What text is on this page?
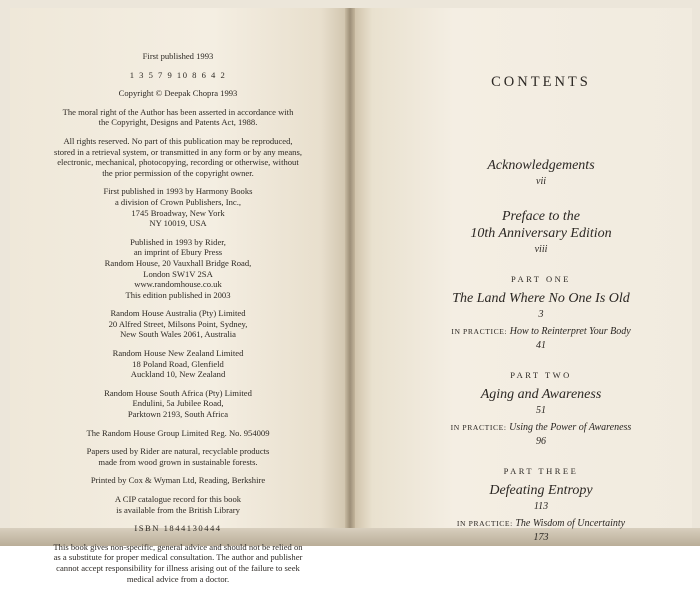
First published 1993

1 3 5 7 9 10 8 6 4 2

Copyright © Deepak Chopra 1993

The moral right of the Author has been asserted in accordance with
the Copyright, Designs and Patents Act, 1988.

All rights reserved. No part of this publication may be reproduced,
stored in a retrieval system, or transmitted in any form or by any means,
electronic, mechanical, photocopying, recording or otherwise, without
the prior permission of the copyright owner.

First published in 1993 by Harmony Books
a division of Crown Publishers, Inc.,
1745 Broadway, New York
NY 10019, USA

Published in 1993 by Rider,
an imprint of Ebury Press
Random House, 20 Vauxhall Bridge Road,
London SW1V 2SA
www.randomhouse.co.uk
This edition published in 2003

Random House Australia (Pty) Limited
20 Alfred Street, Milsons Point, Sydney,
New South Wales 2061, Australia

Random House New Zealand Limited
18 Poland Road, Glenfield
Auckland 10, New Zealand

Random House South Africa (Pty) Limited
Endulini, 5a Jubilee Road,
Parktown 2193, South Africa

The Random House Group Limited Reg. No. 954009

Papers used by Rider are natural, recyclable products
made from wood grown in sustainable forests.

Printed by Cox & Wyman Ltd, Reading, Berkshire

A CIP catalogue record for this book
is available from the British Library

ISBN 1844130444

This book gives non-specific, general advice and should not be relied on
as a substitute for proper medical consultation. The author and publisher
cannot accept responsibility for illness arising out of the failure to seek
medical advice from a doctor.

CONTENTS

Acknowledgements

vii

Preface to the

10th Anniversary Edition

viii

PART ONE

The Land Where No One Is Old

3

IN PRACTICE: How to Reinterpret Your Body

41

PART TWO

Aging and Awareness

51

IN PRACTICE: Using the Power of Awareness

96

PART THREE

Defeating Entropy

113

IN PRACTICE: The Wisdom of Uncertainty

173
